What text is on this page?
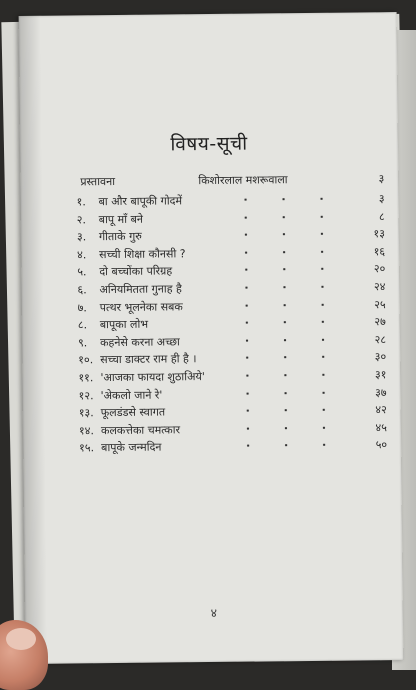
विषय-सूची
प्रस्तावना	किशोरलाल मशरूवाला	३
१. बा और बापूकी गोदमें	३
२. बापू माँ बने	८
३. गीताके गुरु	१३
४. सच्ची शिक्षा कौनसी ?	१६
५. दो बच्चोंका परिग्रह	२०
६. अनियमितता गुनाह है	२४
७. पत्थर भूलनेका सबक	२५
८. बापूका लोभ	२७
९. कहनेसे करना अच्छा	२८
१०. सच्चा डाक्टर राम ही है ।	३०
११. 'आजका फायदा शुठाअिये'	३१
१२. 'अेकलो जाने रे'	३७
१३. फूलडंडसे स्वागत	४२
१४. कलकत्तेका चमत्कार	४५
१५. बापूके जन्मदिन	५०
४
